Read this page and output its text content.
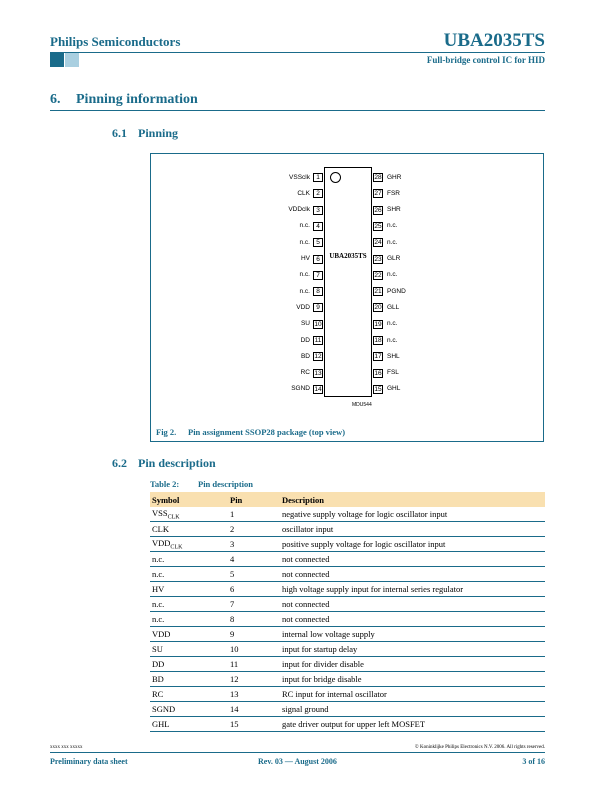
Philips Semiconductors	UBA2035TS
Full-bridge control IC for HID
6. Pinning information
6.1 Pinning
UBA2035TS
VSSclk 1
CLK 2
VDDclk 3
n.c. 4
n.c. 5
HV 6
n.c. 7
n.c. 8
VDD 9
SU 10
DD 11
BD 12
RC 13
SGND 14
28 GHR
27 FSR
26 SHR
25 n.c.
24 n.c.
23 GLR
22 n.c.
21 PGND
20 GLL
19 n.c.
18 n.c.
17 SHL
16 FSL
15 GHL
MDU544
Fig 2. Pin assignment SSOP28 package (top view)
6.2 Pin description
Table 2: Pin description
Symbol	Pin	Description
$VSS_{CLK}$	1	negative supply voltage for logic oscillator input
CLK	2	oscillator input
$VDD_{CLK}$	3	positive supply voltage for logic oscillator input
n.c.	4	not connected
n.c.	5	not connected
HV	6	high voltage supply input for internal series regulator
n.c.	7	not connected
n.c.	8	not connected
VDD	9	internal low voltage supply
SU	10	input for startup delay
DD	11	input for divider disable
BD	12	input for bridge disable
RC	13	RC input for internal oscillator
SGND	14	signal ground
GHL	15	gate driver output for upper left MOSFET
xxxx xxx xxxxx	© Koninklijke Philips Electronics N.V. 2006. All rights reserved.
Preliminary data sheet	Rev. 03 — August 2006	3 of 16
